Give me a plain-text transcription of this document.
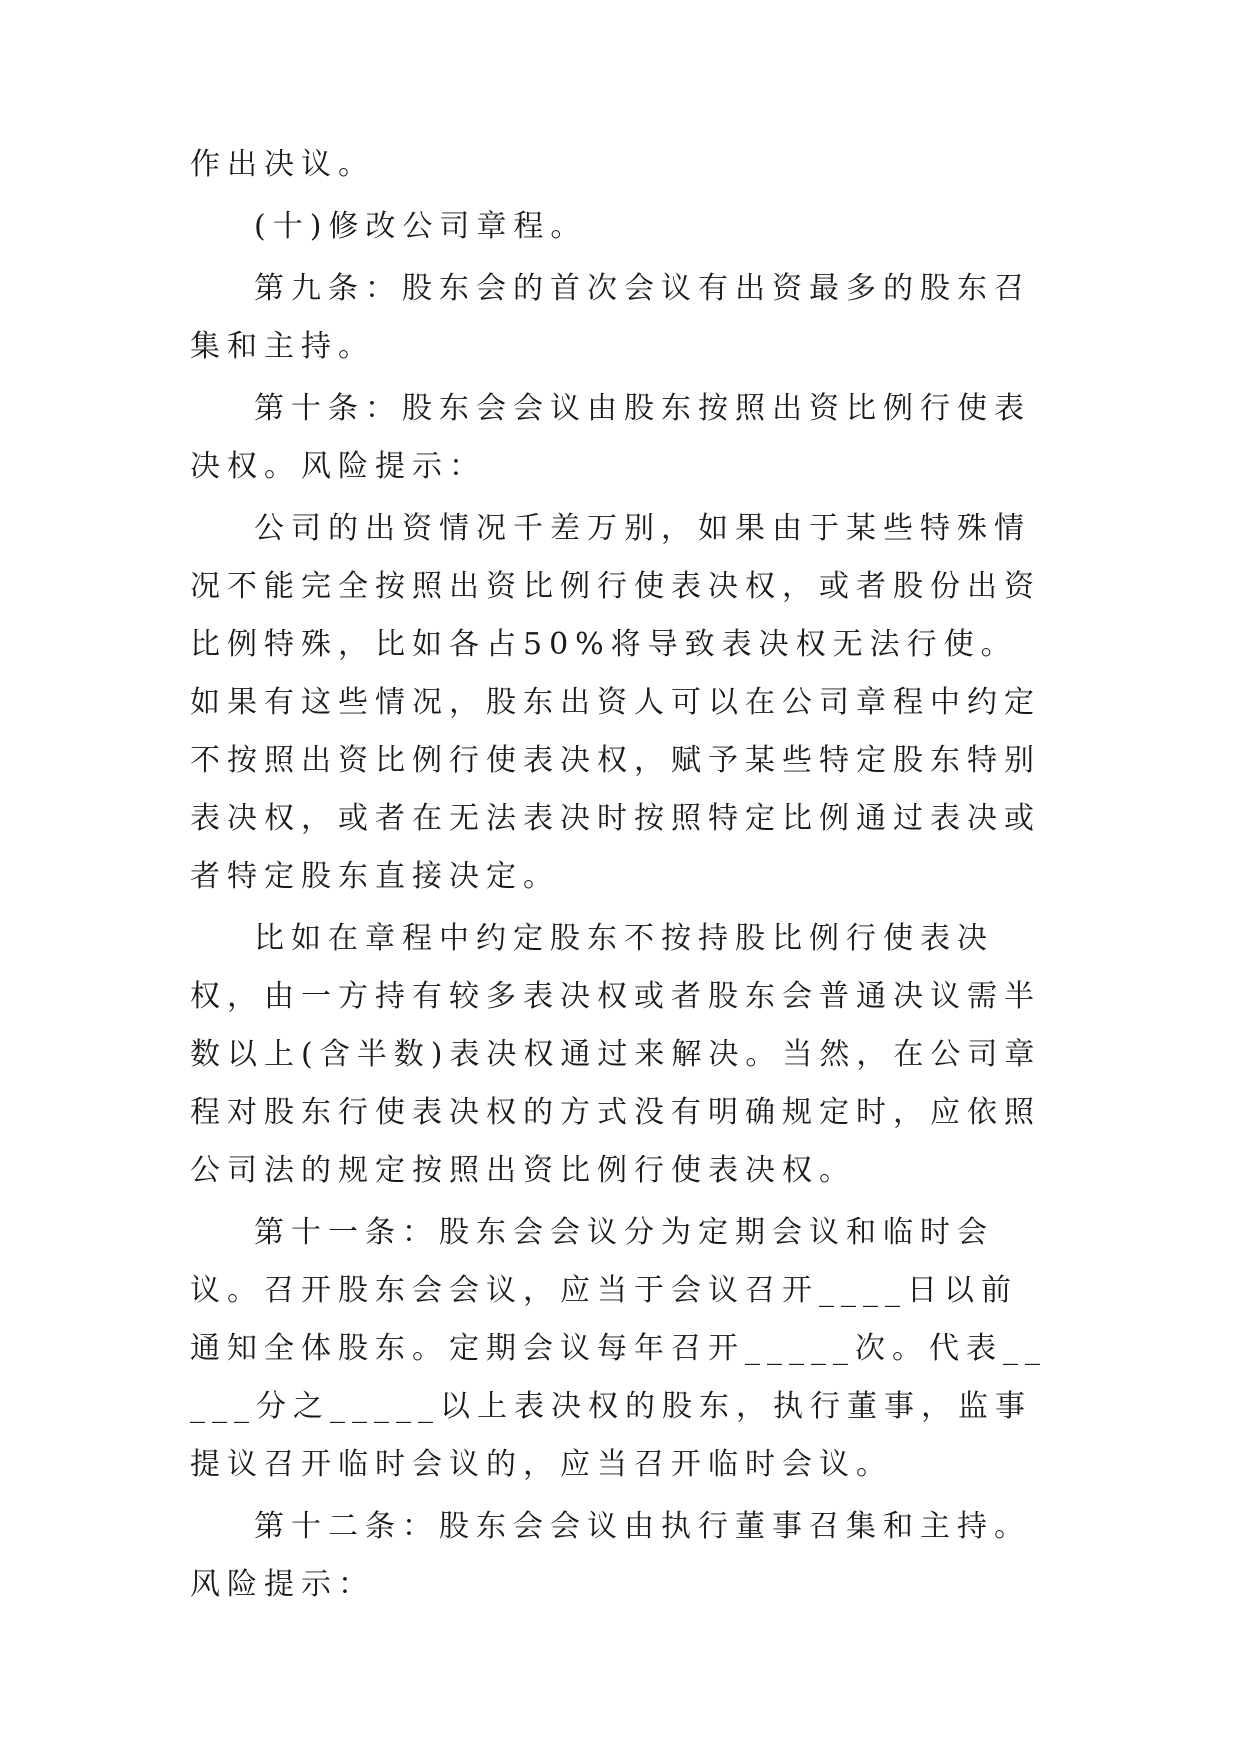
作出决议。

(十)修改公司章程。

第九条：股东会的首次会议有出资最多的股东召集和主持。

第十条：股东会会议由股东按照出资比例行使表决权。风险提示：

公司的出资情况千差万别，如果由于某些特殊情况不能完全按照出资比例行使表决权，或者股份出资比例特殊，比如各占50%将导致表决权无法行使。如果有这些情况，股东出资人可以在公司章程中约定不按照出资比例行使表决权，赋予某些特定股东特别表决权，或者在无法表决时按照特定比例通过表决或者特定股东直接决定。

比如在章程中约定股东不按持股比例行使表决权，由一方持有较多表决权或者股东会普通决议需半数以上(含半数)表决权通过来解决。当然，在公司章程对股东行使表决权的方式没有明确规定时，应依照公司法的规定按照出资比例行使表决权。

第十一条：股东会会议分为定期会议和临时会议。召开股东会会议，应当于会议召开____日以前通知全体股东。定期会议每年召开_____次。代表_____分之_____以上表决权的股东，执行董事，监事提议召开临时会议的，应当召开临时会议。

第十二条：股东会会议由执行董事召集和主持。风险提示：
